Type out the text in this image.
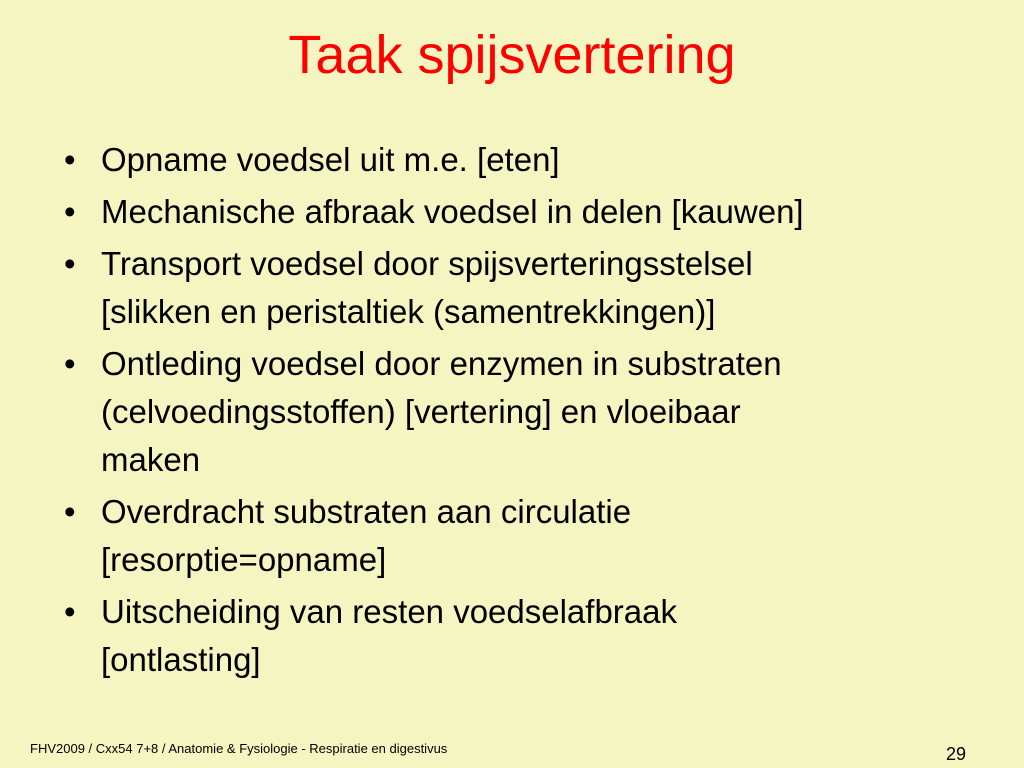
Taak spijsvertering
• Opname voedsel uit m.e. [eten]
• Mechanische afbraak voedsel in delen [kauwen]
• Transport voedsel door spijsverteringsstelsel
[slikken en peristaltiek (samentrekkingen)]
• Ontleding voedsel door enzymen in substraten
(celvoedingsstoffen) [vertering] en vloeibaar
maken
• Overdracht substraten aan circulatie
[resorptie=opname]
• Uitscheiding van resten voedselafbraak
[ontlasting]
FHV2009 / Cxx54 7+8 / Anatomie & Fysiologie - Respiratie en digestivus	29
